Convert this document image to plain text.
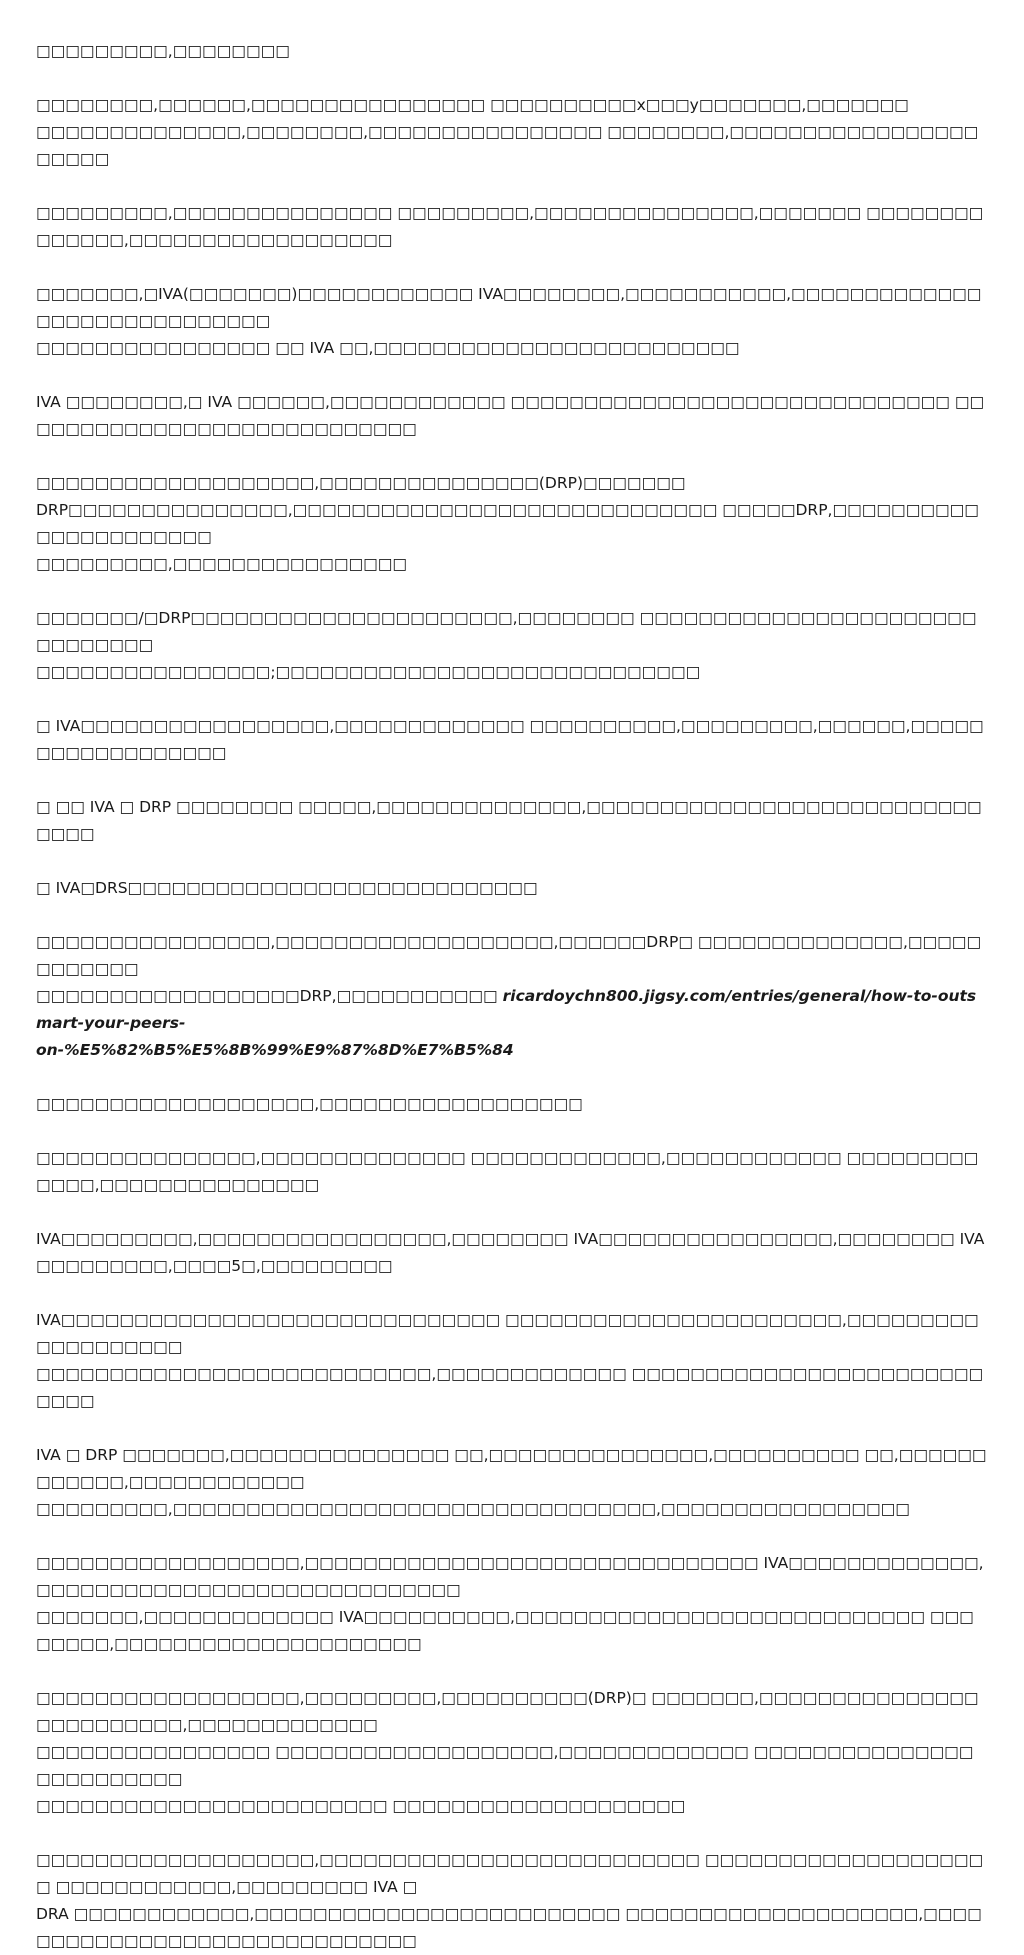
□□□□□□□□□,□□□□□□□□

□□□□□□□□,□□□□□□,□□□□□□□□□□□□□□□□ □□□□□□□□□□x□□□y□□□□□□□,□□□□□□□
□□□□□□□□□□□□□□,□□□□□□□□,□□□□□□□□□□□□□□□□ □□□□□□□□,□□□□□□□□□□□□□□□□□□□□□□

□□□□□□□□□,□□□□□□□□□□□□□□□ □□□□□□□□□,□□□□□□□□□□□□□□□,□□□□□□□ □□□□□□□□□□□□□□,□□□□□□□□□□□□□□□□□□

□□□□□□□,□IVA(□□□□□□□)□□□□□□□□□□□□ IVA□□□□□□□□,□□□□□□□□□□□,□□□□□□□□□□□□□□□□□□□□□□□□□□□□□
□□□□□□□□□□□□□□□□ □□ IVA □□,□□□□□□□□□□□□□□□□□□□□□□□□□

IVA □□□□□□□□,□ IVA □□□□□□,□□□□□□□□□□□□ □□□□□□□□□□□□□□□□□□□□□□□□□□□□□□ □□□□□□□□□□□□□□□□□□□□□□□□□□□□

□□□□□□□□□□□□□□□□□□□,□□□□□□□□□□□□□□□(DRP)□□□□□□□
DRP□□□□□□□□□□□□□□□,□□□□□□□□□□□□□□□□□□□□□□□□□□□□□ □□□□□DRP,□□□□□□□□□□□□□□□□□□□□□□
□□□□□□□□□,□□□□□□□□□□□□□□□□

□□□□□□□/□DRP□□□□□□□□□□□□□□□□□□□□□□,□□□□□□□□ □□□□□□□□□□□□□□□□□□□□□□□□□□□□□□□
□□□□□□□□□□□□□□□□;□□□□□□□□□□□□□□□□□□□□□□□□□□□□□

□ IVA□□□□□□□□□□□□□□□□□,□□□□□□□□□□□□□ □□□□□□□□□□,□□□□□□□□□,□□□□□□,□□□□□□□□□□□□□□□□□□

□ □□ IVA □ DRP □□□□□□□□ □□□□□,□□□□□□□□□□□□□□,□□□□□□□□□□□□□□□□□□□□□□□□□□□□□□□

□ IVA□DRS□□□□□□□□□□□□□□□□□□□□□□□□□□□□

□□□□□□□□□□□□□□□□,□□□□□□□□□□□□□□□□□□□,□□□□□□DRP□ □□□□□□□□□□□□□□,□□□□□□□□□□□□
□□□□□□□□□□□□□□□□□□DRP,□□□□□□□□□□□ ricardoychn800.jigsy.com/entries/general/how-to-outsmart-your-peers-
on-%E5%82%B5%E5%8B%99%E9%87%8D%E7%B5%84

□□□□□□□□□□□□□□□□□□□,□□□□□□□□□□□□□□□□□□

□□□□□□□□□□□□□□□,□□□□□□□□□□□□□□ □□□□□□□□□□□□□,□□□□□□□□□□□□ □□□□□□□□□□□□□,□□□□□□□□□□□□□□□

IVA□□□□□□□□□,□□□□□□□□□□□□□□□□□,□□□□□□□□ IVA□□□□□□□□□□□□□□□□,□□□□□□□□ IVA□□□□□□□□□,□□□□5□,□□□□□□□□□

IVA□□□□□□□□□□□□□□□□□□□□□□□□□□□□□□ □□□□□□□□□□□□□□□□□□□□□□□,□□□□□□□□□□□□□□□□□□□
□□□□□□□□□□□□□□□□□□□□□□□□□□□,□□□□□□□□□□□□□ □□□□□□□□□□□□□□□□□□□□□□□□□□□□

IVA □ DRP □□□□□□□,□□□□□□□□□□□□□□□ □□,□□□□□□□□□□□□□□□,□□□□□□□□□□ □□,□□□□□□□□□□□□,□□□□□□□□□□□□
□□□□□□□□□,□□□□□□□□□□□□□□□□□□□□□□□□□□□□□□□□□,□□□□□□□□□□□□□□□□□

□□□□□□□□□□□□□□□□□□,□□□□□□□□□□□□□□□□□□□□□□□□□□□□□□□ IVA□□□□□□□□□□□□□,□□□□□□□□□□□□□□□□□□□□□□□□□□□□□
□□□□□□□,□□□□□□□□□□□□□ IVA□□□□□□□□□□,□□□□□□□□□□□□□□□□□□□□□□□□□□□□ □□□□□□□□,□□□□□□□□□□□□□□□□□□□□□

□□□□□□□□□□□□□□□□□□,□□□□□□□□□,□□□□□□□□□□(DRP)□ □□□□□□□,□□□□□□□□□□□□□□□□□□□□□□□□□,□□□□□□□□□□□□□
□□□□□□□□□□□□□□□□ □□□□□□□□□□□□□□□□□□□,□□□□□□□□□□□□□ □□□□□□□□□□□□□□□□□□□□□□□□□
□□□□□□□□□□□□□□□□□□□□□□□□ □□□□□□□□□□□□□□□□□□□□

□□□□□□□□□□□□□□□□□□□,□□□□□□□□□□□□□□□□□□□□□□□□□□ □□□□□□□□□□□□□□□□□□□□ □□□□□□□□□□□□,□□□□□□□□□ IVA □
DRA □□□□□□□□□□□□,□□□□□□□□□□□□□□□□□□□□□□□□□ □□□□□□□□□□□□□□□□□□□□,□□□□□□□□□□□□□□□□□□□□□□□□□□□□□□
